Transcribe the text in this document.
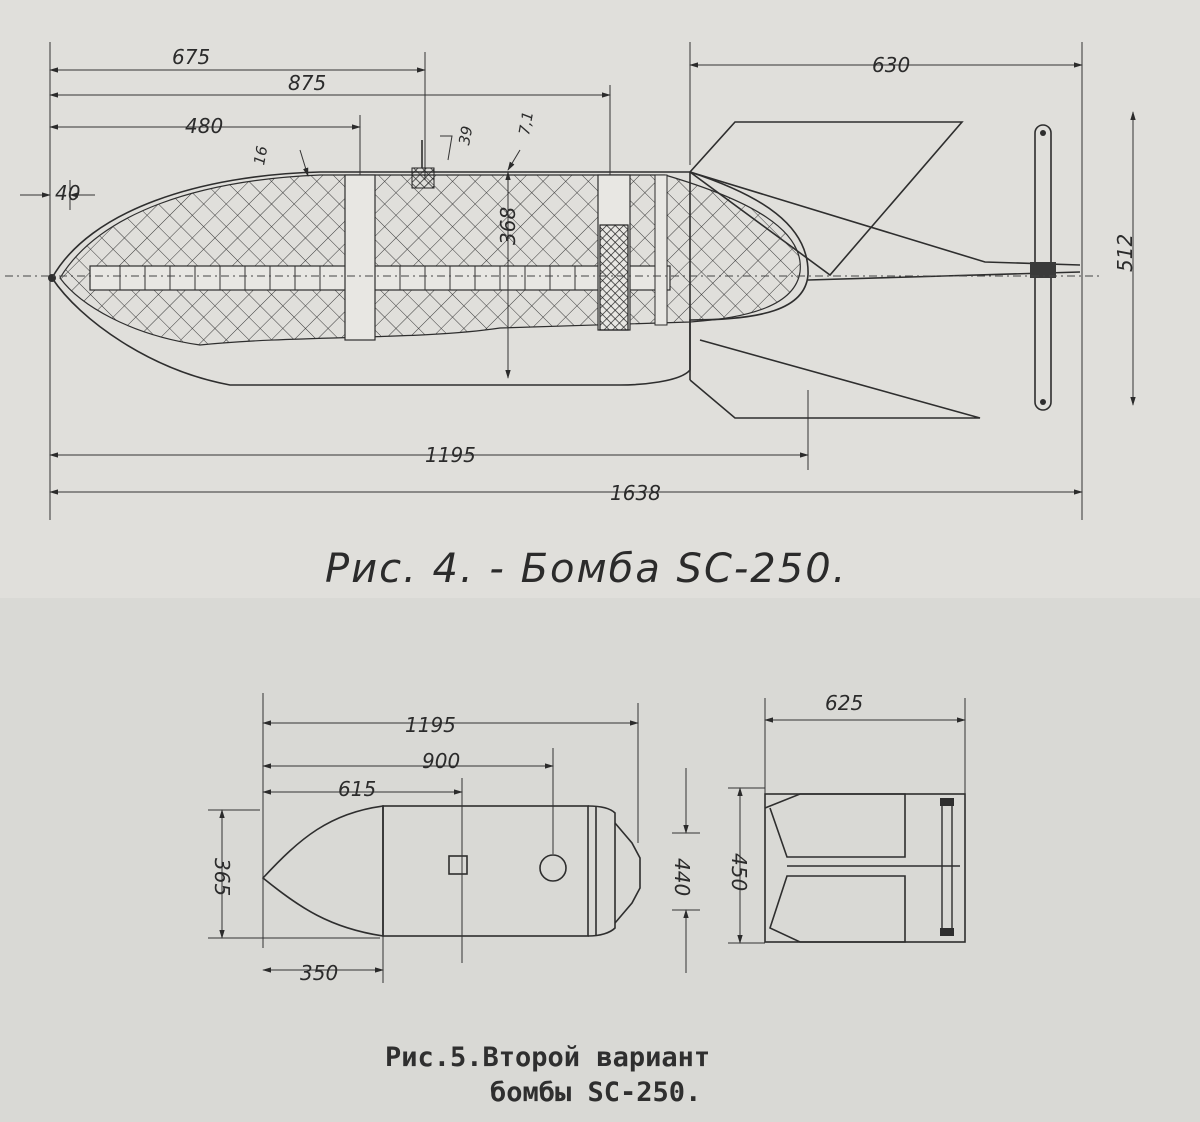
675
875
480
630
40
16
39	7,1
368
512
1195
1638
Рис. 4. - Бомба SC-250.
1195
900
615
365
350
440 450
625
Рис.5.Второй вариант
бомбы SC-250.
